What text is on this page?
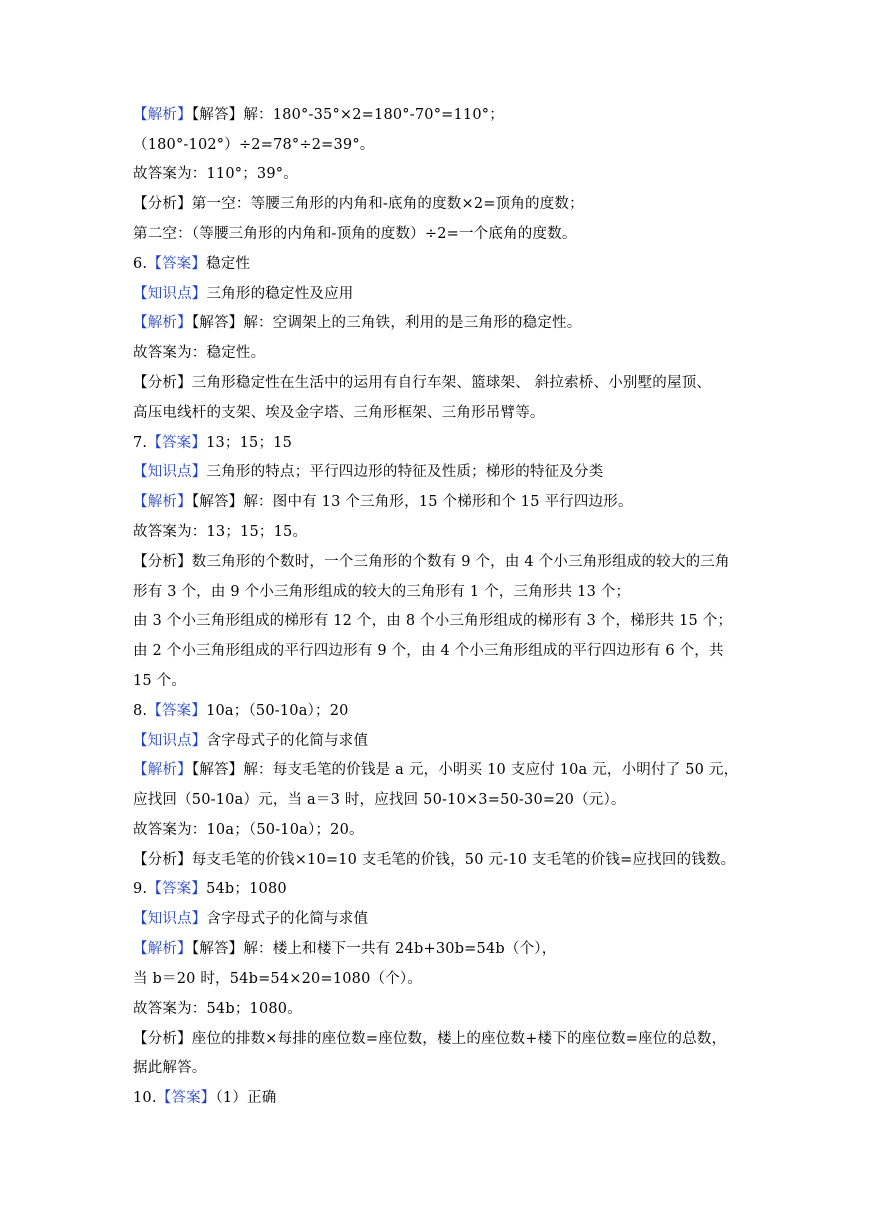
【解析】【解答】解：180°-35°×2=180°-70°=110°；
（180°-102°）÷2=78°÷2=39°。
故答案为：110°；39°。
【分析】第一空：等腰三角形的内角和-底角的度数×2=顶角的度数；
第二空：（等腰三角形的内角和-顶角的度数）÷2=一个底角的度数。
6.【答案】稳定性
【知识点】三角形的稳定性及应用
【解析】【解答】解：空调架上的三角铁，利用的是三角形的稳定性。
故答案为：稳定性。
【分析】三角形稳定性在生活中的运用有自行车架、篮球架、 斜拉索桥、小别墅的屋顶、
高压电线杆的支架、埃及金字塔、三角形框架、三角形吊臂等。
7.【答案】13；15；15
【知识点】三角形的特点；平行四边形的特征及性质；梯形的特征及分类
【解析】【解答】解：图中有 13 个三角形，15 个梯形和个 15 平行四边形。
故答案为：13；15；15。
【分析】数三角形的个数时，一个三角形的个数有 9 个，由 4 个小三角形组成的较大的三角
形有 3 个，由 9 个小三角形组成的较大的三角形有 1 个，三角形共 13 个；
由 3 个小三角形组成的梯形有 12 个，由 8 个小三角形组成的梯形有 3 个，梯形共 15 个；
由 2 个小三角形组成的平行四边形有 9 个，由 4 个小三角形组成的平行四边形有 6 个，共
15 个。
8.【答案】10a；（50-10a）；20
【知识点】含字母式子的化简与求值
【解析】【解答】解：每支毛笔的价钱是 a 元，小明买 10 支应付 10a 元，小明付了 50 元，
应找回（50-10a）元，当 a＝3 时，应找回 50-10×3=50-30=20（元）。
故答案为：10a；（50-10a）；20。
【分析】每支毛笔的价钱×10=10 支毛笔的价钱，50 元-10 支毛笔的价钱=应找回的钱数。
9.【答案】54b；1080
【知识点】含字母式子的化简与求值
【解析】【解答】解：楼上和楼下一共有 24b+30b=54b（个），
当 b＝20 时，54b=54×20=1080（个）。
故答案为：54b；1080。
【分析】座位的排数×每排的座位数=座位数，楼上的座位数+楼下的座位数=座位的总数，
据此解答。
10.【答案】（1）正确
